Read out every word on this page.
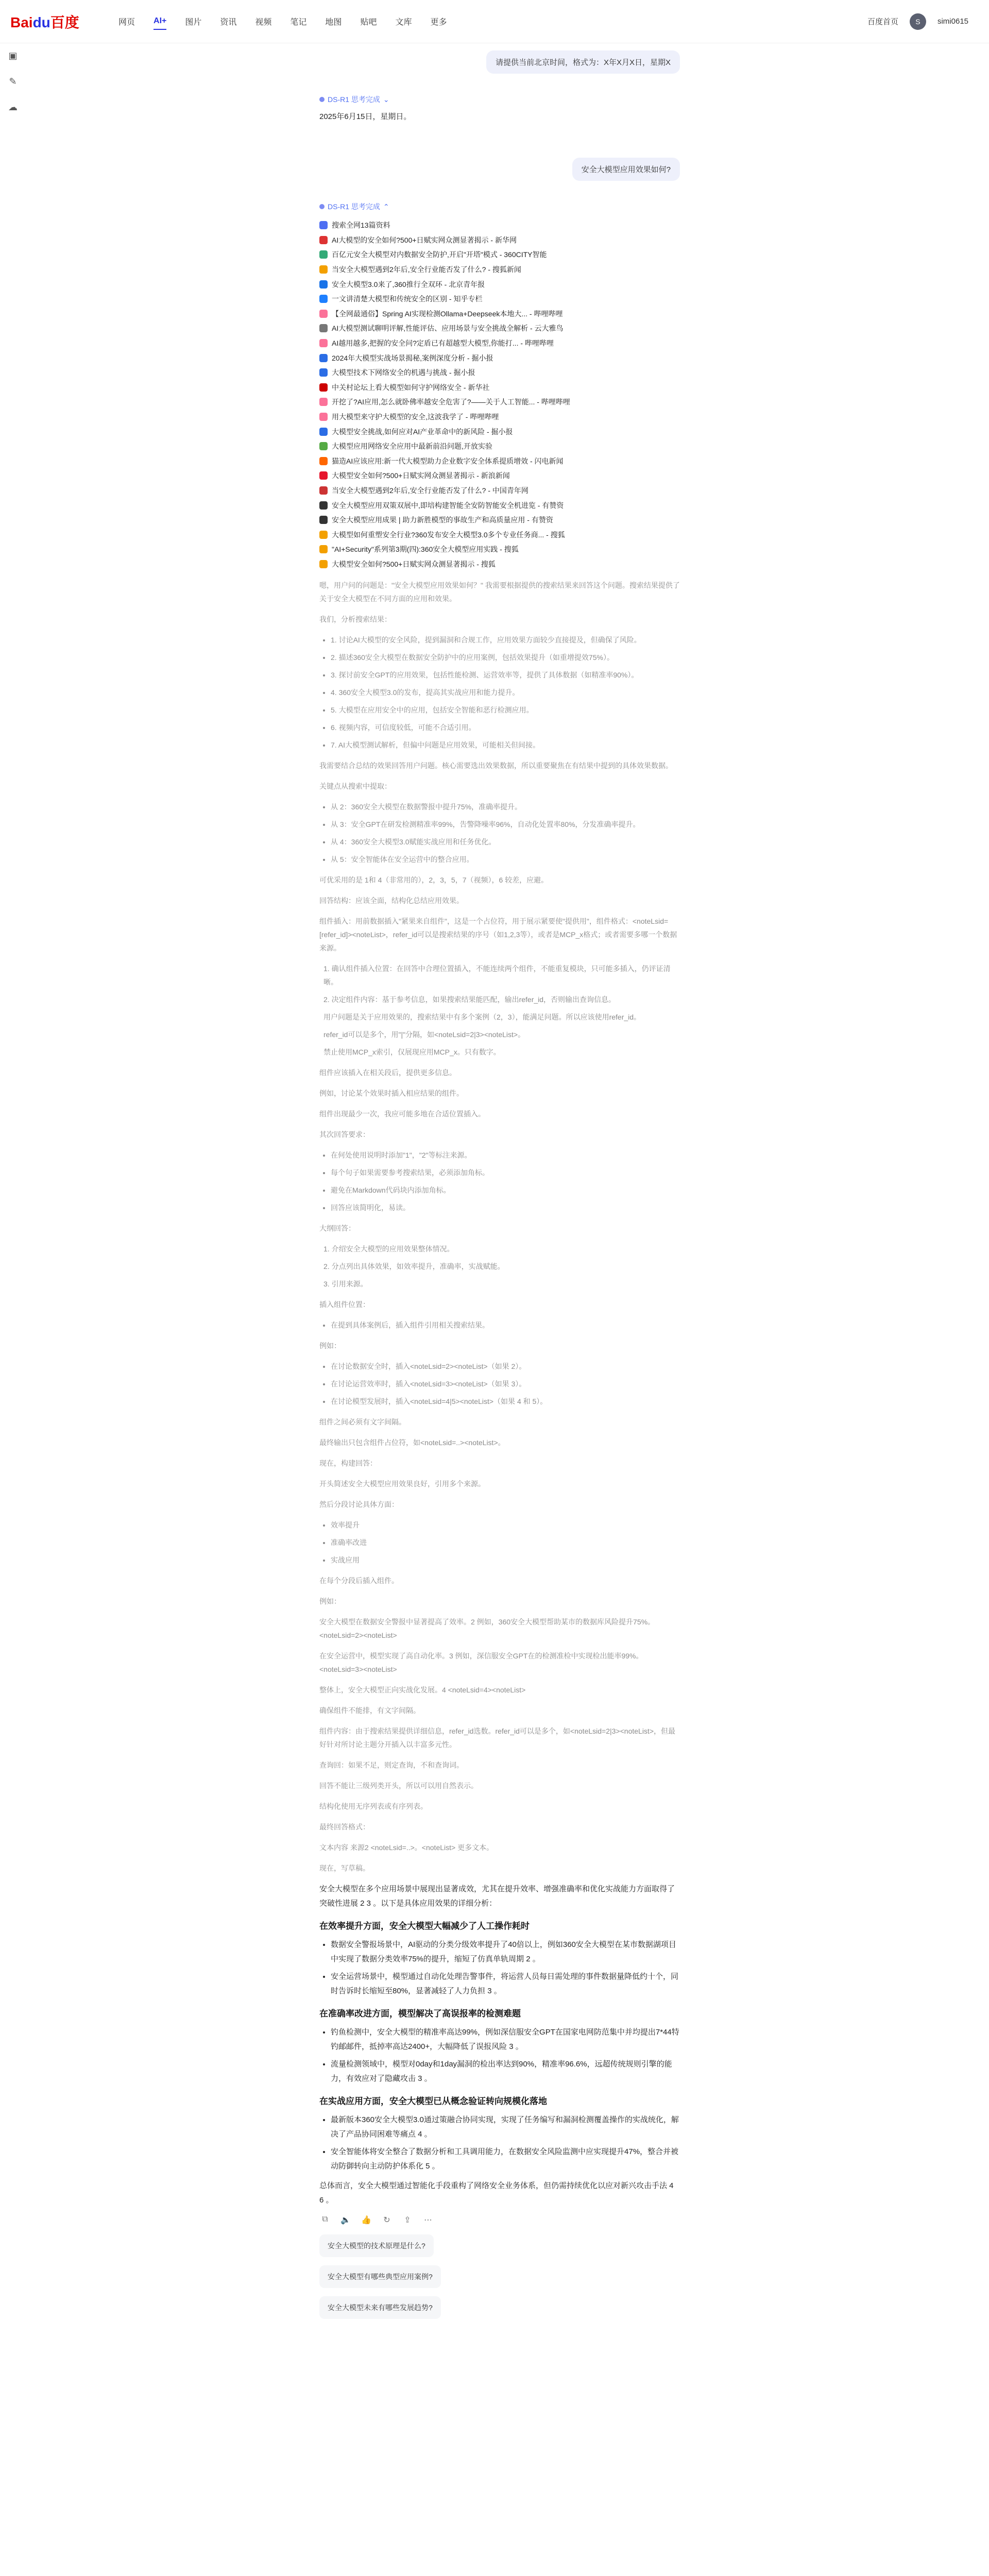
Baidu百度	网页 AI+ 图片 资讯 视频 笔记 地图 贴吧 文库 更多	百度首页	S	simi0615
▣
✎
☁
请提供当前北京时间，格式为：X年X月X日，星期X
DS-R1 思考完成 ⌄
2025年6月15日，星期日。
安全大模型应用效果如何?
DS-R1 思考完成 ⌃
搜索全网13篇资料
AI大模型的安全如何?500+日赋实网众测显著揭示 - 新华网
百亿元安全大模型对内数据安全防护,开启"开塔"模式 - 360CITY智能
当安全大模型遇到2年后,安全行业能否发了什么? - 搜狐新闻
安全大模型3.0来了,360推行全双环 - 北京青年报
一文讲清楚大模型和传统安全的区别 - 知乎专栏
【全网最通俗】Spring AI实现检测Ollama+Deepseek本地大... - 哔哩哔哩
AI大模型测试聊明评解,性能评估、应用场景与安全挑战全解析 - 云大雅鸟
AI越用越多,把握的安全问?定盾已有超越型大模型,你能打... - 哔哩哔哩
2024年大模型实战场景揭秘,案例深度分析 - 掘小报
大模型技术下网络安全的机遇与挑战 - 掘小报
中关村论坛上看大模型如何守护网络安全 - 新华社
开挖了?AI应用,怎么就卧佛率越安全危害了?——关于人工智能... - 哔哩哔哩
用大模型来守护大模型的安全,这波我学了 - 哔哩哔哩
大模型安全挑战,如何应对AI产业革命中的新风险 - 掘小报
大模型应用网络安全应用中最新前沿问题,开放实验
猫造AI应该应用:新一代大模型助力企业数字安全体系提质增效 - 闪电新闻
大模型安全如何?500+日赋实网众测显著揭示 - 新浪新闻
当安全大模型遇到2年后,安全行业能否发了什么? - 中国青年网
安全大模型应用双策双展中,即培构建智能全安防智能安全机进览 - 有赞资
安全大模型应用成果 | 助力新胜模型的事故生产和高质量应用 - 有赞资
大模型如何重塑安全行业?360发布安全大模型3.0多个专业任务商... - 搜狐
"AI+Security"系列第3期(四):360安全大模型应用实践 - 搜狐
大模型安全如何?500+日赋实网众测显著揭示 - 搜狐

嗯，用户问的问题是："安全大模型应用效果如何？" 我需要根据提供的搜索结果来回答这个问题。搜索结果提供了关于安全大模型在不同方面的应用和效果。

我们，分析搜索结果：

• 1. 讨论AI大模型的安全风险，提到漏洞和合规工作，应用效果方面较少直接提及，但确保了风险。
• 2. 描述360安全大模型在数据安全防护中的应用案例，包括效果提升（如重增提效75%）。
• 3. 探讨前安全GPT的应用效果，包括性能检测、运营效率等，提供了具体数据（如精准率90%）。
• 4. 360安全大模型3.0的发布，提高其实战应用和能力提升。
• 5. 大模型在应用安全中的应用，包括安全智能和恶行检测应用。
• 6. 视频内容，可信度较低，可能不合适引用。
• 7. AI大模型测试解析，但偏中问题是应用效果，可能相关但间接。

我需要结合总结的效果回答用户问题。核心需要选出效果数据，所以重要聚焦在有结果中提到的具体效果数据。

关键点从搜索中提取：

• 从 2：360安全大模型在数据警报中提升75%，准确率提升。
• 从 3：安全GPT在研发检测精准率99%，告警降噪率96%，自动化处置率80%，分发准确率提升。
• 从 4：360安全大模型3.0赋能实战应用和任务优化。
• 从 5：安全智能体在安全运营中的整合应用。

可优采用的是 1和 4（非常用的），2，3，5，7（视频），6 较差，应避。

回答结构：应该全面，结构化总结应用效果。

组件插入：用前数据插入"紧果来自组件"，这是一个占位符，用于展示紧要使"提供用"，组件格式：<noteLsid=[refer_id]><noteList>，refer_id可以是搜索结果的序号（如1,2,3等），或者是MCP_x格式；或者需要多哪一个数据来源。

1. 确认组件插入位置：在回答中合理位置插入，不能连续两个组件，不能重复模块，只可能多插入，仍评证清晰。
2. 决定组件内容：基于参考信息，如果搜索结果能匹配，输出refer_id，否则输出查询信息。
用户问题是关于应用效果的，搜索结果中有多个案例（2，3），能满足问题。所以应该使用refer_id。
refer_id可以是多个，用"|"分隔，如<noteLsid=2|3><noteList>。
禁止使用MCP_x索引，仅展现应用MCP_x。只有数字。

组件应该插入在相关段后，提供更多信息。

例如，讨论某个效果时插入相应结果的组件。

组件出现最少一次，我应可能多地在合适位置插入。

其次回答要求：

• 在何处使用说明时添加"1"，"2"等标注来源。
• 每个句子如果需要参考搜索结果，必须添加角标。
• 避免在Markdown代码块内添加角标。
• 回答应该简明化，易读。

大纲回答：

1. 介绍安全大模型的应用效果整体情况。
2. 分点列出具体效果，如效率提升，准确率，实战赋能。
3. 引用来源。

插入组件位置：

• 在提到具体案例后，插入组件引用相关搜索结果。

例如：

• 在讨论数据安全时，插入<noteLsid=2><noteList>（如果 2）。
• 在讨论运营效率时，插入<noteLsid=3><noteList>（如果 3）。
• 在讨论模型发展时，插入<noteLsid=4|5><noteList>（如果 4 和 5）。

组件之间必须有文字间隔。

最终输出只包含组件占位符，如<noteLsid=..><noteList>。

现在，构建回答：

开头简述安全大模型应用效果良好，引用多个来源。

然后分段讨论具体方面：

• 效率提升
• 准确率改进
• 实战应用

在每个分段后插入组件。

例如：

安全大模型在数据安全警报中显著提高了效率。2 例如，360安全大模型帮助某市的数据库风险提升75%。<noteLsid=2><noteList>

在安全运营中，模型实现了高自动化率。3 例如，深信服安全GPT在的检测准检中实现检出能率99%。<noteLsid=3><noteList>

整体上，安全大模型正向实战化发展。4 <noteLsid=4><noteList>

确保组件不能排，有文字间隔。

组件内容：由于搜索结果提供详细信息，refer_id选数。refer_id可以是多个，如<noteLsid=2|3><noteList>，但最好针对所讨论主题分开插入以丰富多元性。

查询回：如果不足，则定查询，不和查询词。

回答不能让三级列类开头，所以可以用自然表示。

结构化使用无序列表或有序列表。

最终回答格式：

文本内容 来源2 <noteLsid=..>。<noteList> 更多文本。

现在，写草稿。

安全大模型在多个应用场景中展现出显著成效，尤其在提升效率、增强准确率和优化实战能力方面取得了突破性进展 2 3 。以下是具体应用效果的详细分析：

在效率提升方面，安全大模型大幅减少了人工操作耗时
• 数据安全警报场景中，AI驱动的分类分级效率提升了40倍以上，例如360安全大模型在某市数据湖项目中实现了数据分类效率75%的提升，缩短了仿真单轨周期 2 。
• 安全运营场景中，模型通过自动化处理告警事件，将运营人员每日需处理的事件数据量降低约十个，同时告诉时长缩短至80%，显著减轻了人力负担 3 。
在准确率改进方面，模型解决了高误报率的检测难题
• 钓鱼检测中，安全大模型的精准率高达99%，例如深信服安全GPT在国家电网防范集中并均提出7*44特钓邮邮件，抵掉率高达2400+，大幅降低了误报风险 3 。
• 流量检测领域中，模型对0day和1day漏洞的检出率达到90%，精准率96.6%，远超传统规则引擎的能力，有效应对了隐藏攻击 3 。
在实战应用方面，安全大模型已从概念验证转向规模化落地
• 最新版本360安全大模型3.0通过策融合协同实现，实现了任务编写和漏洞检测覆盖操作的实战统化，解决了产品协同困难等痛点 4 。
• 安全智能体将安全整合了数据分析和工具调用能力，在数据安全风险监测中应实现提升47%，整合并被动防御转向主动防护体系化 5 。

总体而言，安全大模型通过智能化手段重构了网络安全业务体系，但仍需持续优化以应对新兴攻击手法 4 6 。

⧉	🔈 👍 ↻ ⇪ ⋯
安全大模型的技术原理是什么?
安全大模型有哪些典型应用案例?
安全大模型未来有哪些发展趋势?
